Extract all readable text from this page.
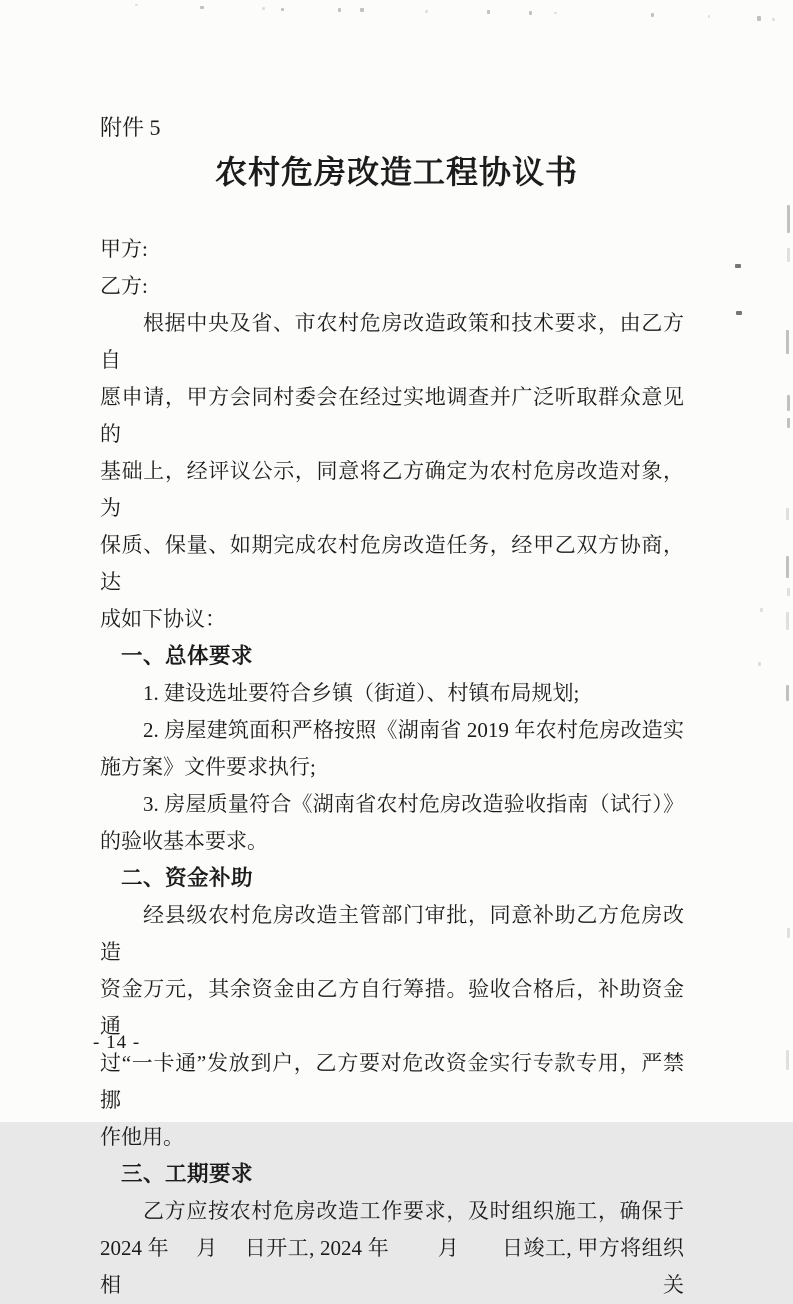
附件 5

农村危房改造工程协议书

甲方:

乙方:

根据中央及省、市农村危房改造政策和技术要求，由乙方自

愿申请，甲方会同村委会在经过实地调查并广泛听取群众意见的

基础上，经评议公示，同意将乙方确定为农村危房改造对象，为

保质、保量、如期完成农村危房改造任务，经甲乙双方协商，达

成如下协议：

一、总体要求

1. 建设选址要符合乡镇（街道）、村镇布局规划;

2. 房屋建筑面积严格按照《湖南省 2019 年农村危房改造实

施方案》文件要求执行;

3. 房屋质量符合《湖南省农村危房改造验收指南（试行）》

的验收基本要求。

二、资金补助

经县级农村危房改造主管部门审批，同意补助乙方危房改造

资金万元，其余资金由乙方自行筹措。验收合格后，补助资金通

过“一卡通”发放到户，乙方要对危改资金实行专款专用，严禁挪

作他用。

三、工期要求

乙方应按农村危房改造工作要求，及时组织施工，确保于

2024 年　 月　 日开工, 2024 年　　 月　　日竣工, 甲方将组织相关

- 14 -
